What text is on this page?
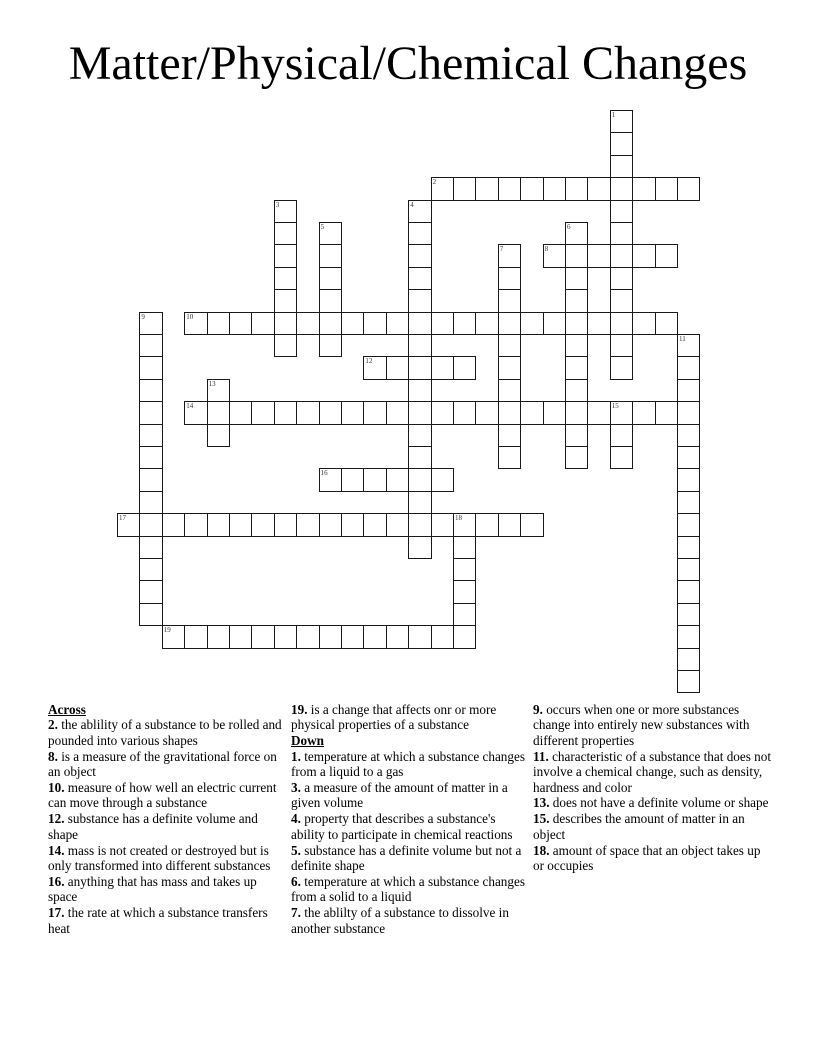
Matter/Physical/Chemical Changes
1
2
3	4
5	6
7	8
9	10
11
12
13
14	15
16
17	18
19
Across
2. the ablility of a substance to be rolled and pounded into various shapes
8. is a measure of the gravitational force on an object
10. measure of how well an electric current can move through a substance
12. substance has a definite volume and shape
14. mass is not created or destroyed but is only transformed into different substances
16. anything that has mass and takes up space
17. the rate at which a substance transfers heat
19. is a change that affects onr or more physical properties of a substance
Down
1. temperature at which a substance changes from a liquid to a gas
3. a measure of the amount of matter in a given volume
4. property that describes a substance's ability to participate in chemical reactions
5. substance has a definite volume but not a definite shape
6. temperature at which a substance changes from a solid to a liquid
7. the ablilty of a substance to dissolve in another substance
9. occurs when one or more substances change into entirely new substances with different properties
11. characteristic of a substance that does not involve a chemical change, such as density, hardness and color
13. does not have a definite volume or shape
15. describes the amount of matter in an object
18. amount of space that an object takes up or occupies
